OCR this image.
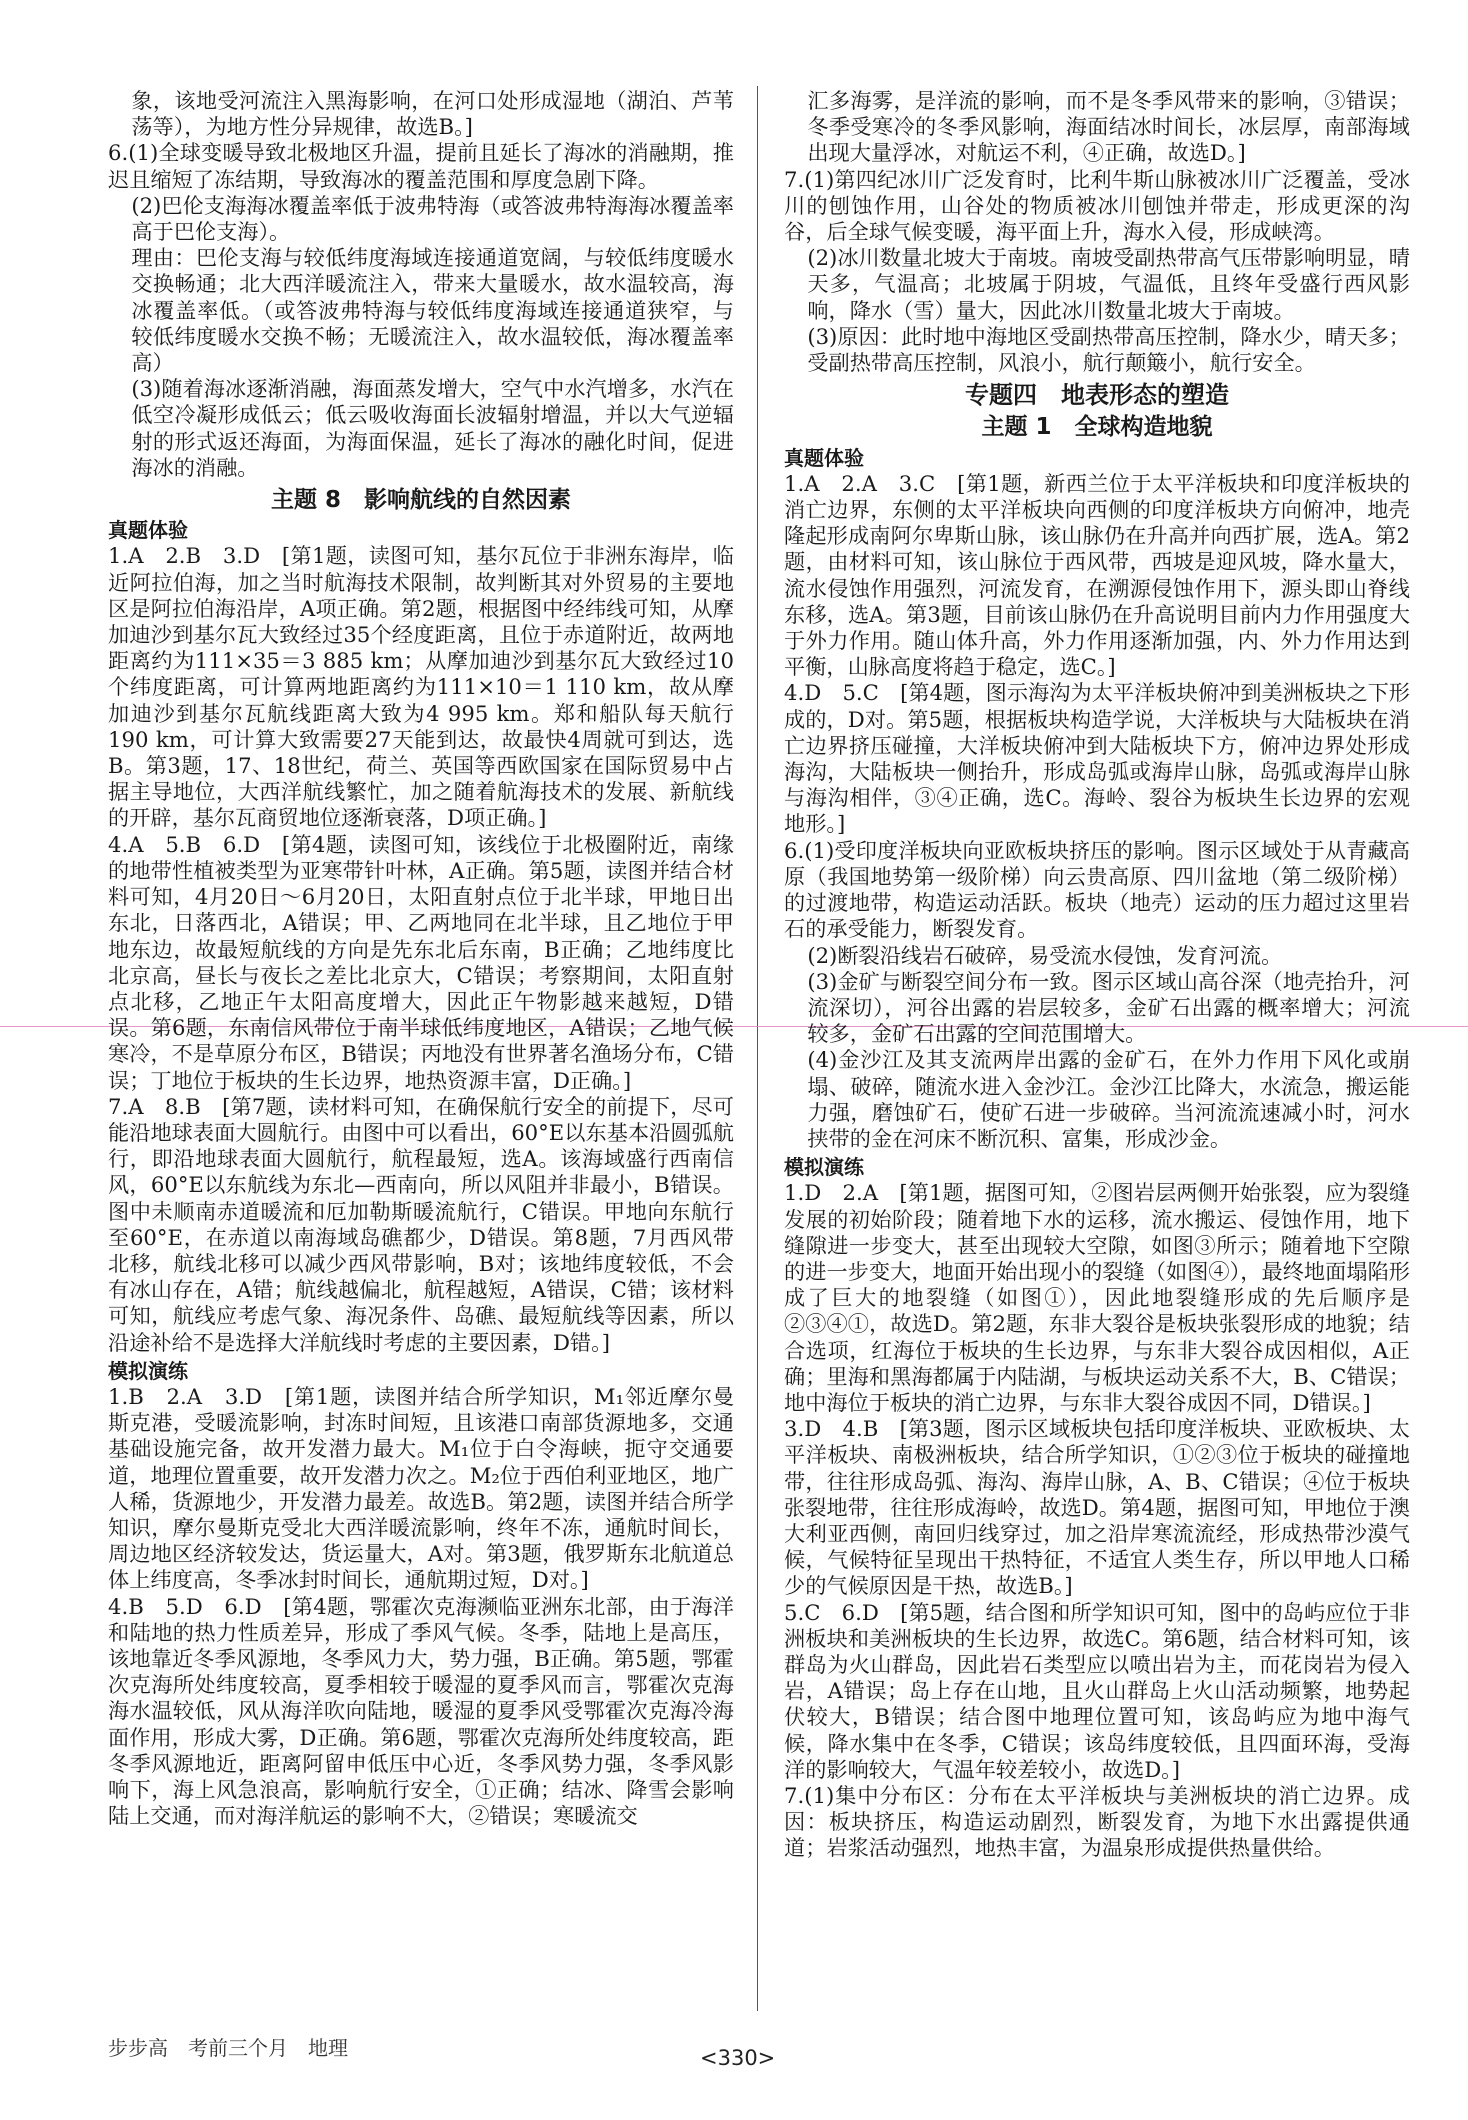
象，该地受河流注入黑海影响，在河口处形成湿地（湖泊、芦苇荡等），为地方性分异规律，故选B。]

6.(1)全球变暖导致北极地区升温，提前且延长了海冰的消融期，推迟且缩短了冻结期，导致海冰的覆盖范围和厚度急剧下降。

(2)巴伦支海海冰覆盖率低于波弗特海（或答波弗特海海冰覆盖率高于巴伦支海）。

理由：巴伦支海与较低纬度海域连接通道宽阔，与较低纬度暖水交换畅通；北大西洋暖流注入，带来大量暖水，故水温较高，海冰覆盖率低。（或答波弗特海与较低纬度海域连接通道狭窄，与较低纬度暖水交换不畅；无暖流注入，故水温较低，海冰覆盖率高）

(3)随着海冰逐渐消融，海面蒸发增大，空气中水汽增多，水汽在低空冷凝形成低云；低云吸收海面长波辐射增温，并以大气逆辐射的形式返还海面，为海面保温，延长了海冰的融化时间，促进海冰的消融。

主题 8　影响航线的自然因素
真题体验

1.A　2.B　3.D　[第1题，读图可知，基尔瓦位于非洲东海岸，临近阿拉伯海，加之当时航海技术限制，故判断其对外贸易的主要地区是阿拉伯海沿岸，A项正确。第2题，根据图中经纬线可知，从摩加迪沙到基尔瓦大致经过35个经度距离，且位于赤道附近，故两地距离约为111×35＝3 885 km；从摩加迪沙到基尔瓦大致经过10个纬度距离，可计算两地距离约为111×10＝1 110 km，故从摩加迪沙到基尔瓦航线距离大致为4 995 km。郑和船队每天航行190 km，可计算大致需要27天能到达，故最快4周就可到达，选B。第3题，17、18世纪，荷兰、英国等西欧国家在国际贸易中占据主导地位，大西洋航线繁忙，加之随着航海技术的发展、新航线的开辟，基尔瓦商贸地位逐渐衰落，D项正确。]

4.A　5.B　6.D　[第4题，读图可知，该线位于北极圈附近，南缘的地带性植被类型为亚寒带针叶林，A正确。第5题，读图并结合材料可知，4月20日～6月20日，太阳直射点位于北半球，甲地日出东北，日落西北，A错误；甲、乙两地同在北半球，且乙地位于甲地东边，故最短航线的方向是先东北后东南，B正确；乙地纬度比北京高，昼长与夜长之差比北京大，C错误；考察期间，太阳直射点北移，乙地正午太阳高度增大，因此正午物影越来越短，D错误。第6题，东南信风带位于南半球低纬度地区，A错误；乙地气候寒冷，不是草原分布区，B错误；丙地没有世界著名渔场分布，C错误；丁地位于板块的生长边界，地热资源丰富，D正确。]

7.A　8.B　[第7题，读材料可知，在确保航行安全的前提下，尽可能沿地球表面大圆航行。由图中可以看出，60°E以东基本沿圆弧航行，即沿地球表面大圆航行，航程最短，选A。该海域盛行西南信风，60°E以东航线为东北—西南向，所以风阻并非最小，B错误。图中未顺南赤道暖流和厄加勒斯暖流航行，C错误。甲地向东航行至60°E，在赤道以南海域岛礁都少，D错误。第8题，7月西风带北移，航线北移可以减少西风带影响，B对；该地纬度较低，不会有冰山存在，A错；航线越偏北，航程越短，A错误，C错；该材料可知，航线应考虑气象、海况条件、岛礁、最短航线等因素，所以沿途补给不是选择大洋航线时考虑的主要因素，D错。]

模拟演练

1.B　2.A　3.D　[第1题，读图并结合所学知识，M₁邻近摩尔曼斯克港，受暖流影响，封冻时间短，且该港口南部货源地多，交通基础设施完备，故开发潜力最大。M₁位于白令海峡，扼守交通要道，地理位置重要，故开发潜力次之。M₂位于西伯利亚地区，地广人稀，货源地少，开发潜力最差。故选B。第2题，读图并结合所学知识，摩尔曼斯克受北大西洋暖流影响，终年不冻，通航时间长，周边地区经济较发达，货运量大，A对。第3题，俄罗斯东北航道总体上纬度高，冬季冰封时间长，通航期过短，D对。]

4.B　5.D　6.D　[第4题，鄂霍次克海濒临亚洲东北部，由于海洋和陆地的热力性质差异，形成了季风气候。冬季，陆地上是高压，该地靠近冬季风源地，冬季风力大，势力强，B正确。第5题，鄂霍次克海所处纬度较高，夏季相较于暖湿的夏季风而言，鄂霍次克海海水温较低，风从海洋吹向陆地，暖湿的夏季风受鄂霍次克海冷海面作用，形成大雾，D正确。第6题，鄂霍次克海所处纬度较高，距冬季风源地近，距离阿留申低压中心近，冬季风势力强，冬季风影响下，海上风急浪高，影响航行安全，①正确；结冰、降雪会影响陆上交通，而对海洋航运的影响不大，②错误；寒暖流交

汇多海雾，是洋流的影响，而不是冬季风带来的影响，③错误；冬季受寒冷的冬季风影响，海面结冰时间长，冰层厚，南部海域出现大量浮冰，对航运不利，④正确，故选D。]

7.(1)第四纪冰川广泛发育时，比利牛斯山脉被冰川广泛覆盖，受冰川的刨蚀作用，山谷处的物质被冰川刨蚀并带走，形成更深的沟谷，后全球气候变暖，海平面上升，海水入侵，形成峡湾。

(2)冰川数量北坡大于南坡。南坡受副热带高气压带影响明显，晴天多，气温高；北坡属于阴坡，气温低，且终年受盛行西风影响，降水（雪）量大，因此冰川数量北坡大于南坡。

(3)原因：此时地中海地区受副热带高压控制，降水少，晴天多；受副热带高压控制，风浪小，航行颠簸小，航行安全。

专题四　地表形态的塑造
主题 1　全球构造地貌
真题体验

1.A　2.A　3.C　[第1题，新西兰位于太平洋板块和印度洋板块的消亡边界，东侧的太平洋板块向西侧的印度洋板块方向俯冲，地壳隆起形成南阿尔卑斯山脉，该山脉仍在升高并向西扩展，选A。第2题，由材料可知，该山脉位于西风带，西坡是迎风坡，降水量大，流水侵蚀作用强烈，河流发育，在溯源侵蚀作用下，源头即山脊线东移，选A。第3题，目前该山脉仍在升高说明目前内力作用强度大于外力作用。随山体升高，外力作用逐渐加强，内、外力作用达到平衡，山脉高度将趋于稳定，选C。]

4.D　5.C　[第4题，图示海沟为太平洋板块俯冲到美洲板块之下形成的，D对。第5题，根据板块构造学说，大洋板块与大陆板块在消亡边界挤压碰撞，大洋板块俯冲到大陆板块下方，俯冲边界处形成海沟，大陆板块一侧抬升，形成岛弧或海岸山脉，岛弧或海岸山脉与海沟相伴，③④正确，选C。海岭、裂谷为板块生长边界的宏观地形。]

6.(1)受印度洋板块向亚欧板块挤压的影响。图示区域处于从青藏高原（我国地势第一级阶梯）向云贵高原、四川盆地（第二级阶梯）的过渡地带，构造运动活跃。板块（地壳）运动的压力超过这里岩石的承受能力，断裂发育。

(2)断裂沿线岩石破碎，易受流水侵蚀，发育河流。

(3)金矿与断裂空间分布一致。图示区域山高谷深（地壳抬升，河流深切），河谷出露的岩层较多，金矿石出露的概率增大；河流较多，金矿石出露的空间范围增大。

(4)金沙江及其支流两岸出露的金矿石，在外力作用下风化或崩塌、破碎，随流水进入金沙江。金沙江比降大，水流急，搬运能力强，磨蚀矿石，使矿石进一步破碎。当河流流速减小时，河水挟带的金在河床不断沉积、富集，形成沙金。

模拟演练

1.D　2.A　[第1题，据图可知，②图岩层两侧开始张裂，应为裂缝发展的初始阶段；随着地下水的运移，流水搬运、侵蚀作用，地下缝隙进一步变大，甚至出现较大空隙，如图③所示；随着地下空隙的进一步变大，地面开始出现小的裂缝（如图④），最终地面塌陷形成了巨大的地裂缝（如图①），因此地裂缝形成的先后顺序是②③④①，故选D。第2题，东非大裂谷是板块张裂形成的地貌；结合选项，红海位于板块的生长边界，与东非大裂谷成因相似，A正确；里海和黑海都属于内陆湖，与板块运动关系不大，B、C错误；地中海位于板块的消亡边界，与东非大裂谷成因不同，D错误。]

3.D　4.B　[第3题，图示区域板块包括印度洋板块、亚欧板块、太平洋板块、南极洲板块，结合所学知识，①②③位于板块的碰撞地带，往往形成岛弧、海沟、海岸山脉，A、B、C错误；④位于板块张裂地带，往往形成海岭，故选D。第4题，据图可知，甲地位于澳大利亚西侧，南回归线穿过，加之沿岸寒流流经，形成热带沙漠气候，气候特征呈现出干热特征，不适宜人类生存，所以甲地人口稀少的气候原因是干热，故选B。]

5.C　6.D　[第5题，结合图和所学知识可知，图中的岛屿应位于非洲板块和美洲板块的生长边界，故选C。第6题，结合材料可知，该群岛为火山群岛，因此岩石类型应以喷出岩为主，而花岗岩为侵入岩，A错误；岛上存在山地，且火山群岛上火山活动频繁，地势起伏较大，B错误；结合图中地理位置可知，该岛屿应为地中海气候，降水集中在冬季，C错误；该岛纬度较低，且四面环海，受海洋的影响较大，气温年较差较小，故选D。]

7.(1)集中分布区：分布在太平洋板块与美洲板块的消亡边界。成因：板块挤压，构造运动剧烈，断裂发育，为地下水出露提供通道；岩浆活动强烈，地热丰富，为温泉形成提供热量供给。

步步高　考前三个月　地理	<330>
